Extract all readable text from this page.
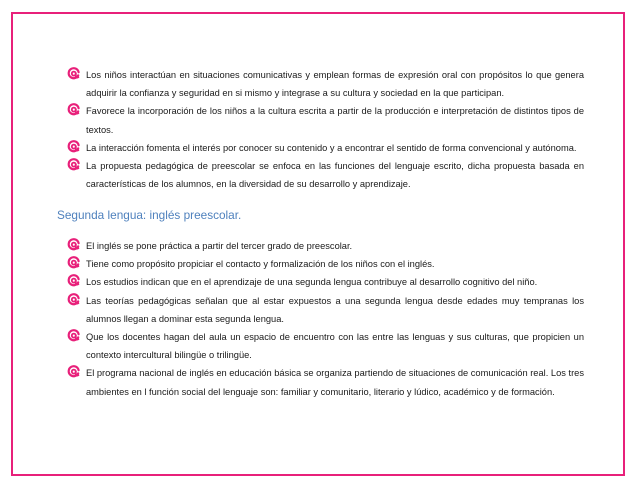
Los niños interactúan en situaciones comunicativas y emplean formas de expresión oral con propósitos lo que genera adquirir la confianza y seguridad en si mismo y integrase a su cultura y sociedad en la que participan.
Favorece la incorporación de los niños a la cultura escrita a partir de la producción e interpretación de distintos tipos de textos.
La interacción fomenta el interés por conocer su contenido y a encontrar el sentido de forma convencional y autónoma.
La propuesta pedagógica de preescolar se enfoca en las funciones del lenguaje escrito, dicha propuesta basada en características de los alumnos, en la diversidad de su desarrollo y aprendizaje.
Segunda lengua: inglés preescolar.
El inglés se pone práctica a partir del tercer grado de preescolar.
Tiene como propósito propiciar el contacto y formalización de los niños con el inglés.
Los estudios indican que en el aprendizaje de una segunda lengua contribuye al desarrollo cognitivo del niño.
Las teorías pedagógicas señalan que al estar expuestos a una segunda lengua desde edades muy tempranas los alumnos llegan a dominar esta segunda lengua.
Que los docentes hagan del aula un espacio de encuentro con las entre las lenguas y sus culturas, que propicien un contexto intercultural bilingüe o trilingüe.
El programa nacional de inglés en educación básica se organiza partiendo de situaciones de comunicación real. Los tres ambientes en l función social del lenguaje son: familiar y comunitario, literario y lúdico, académico y de formación.
